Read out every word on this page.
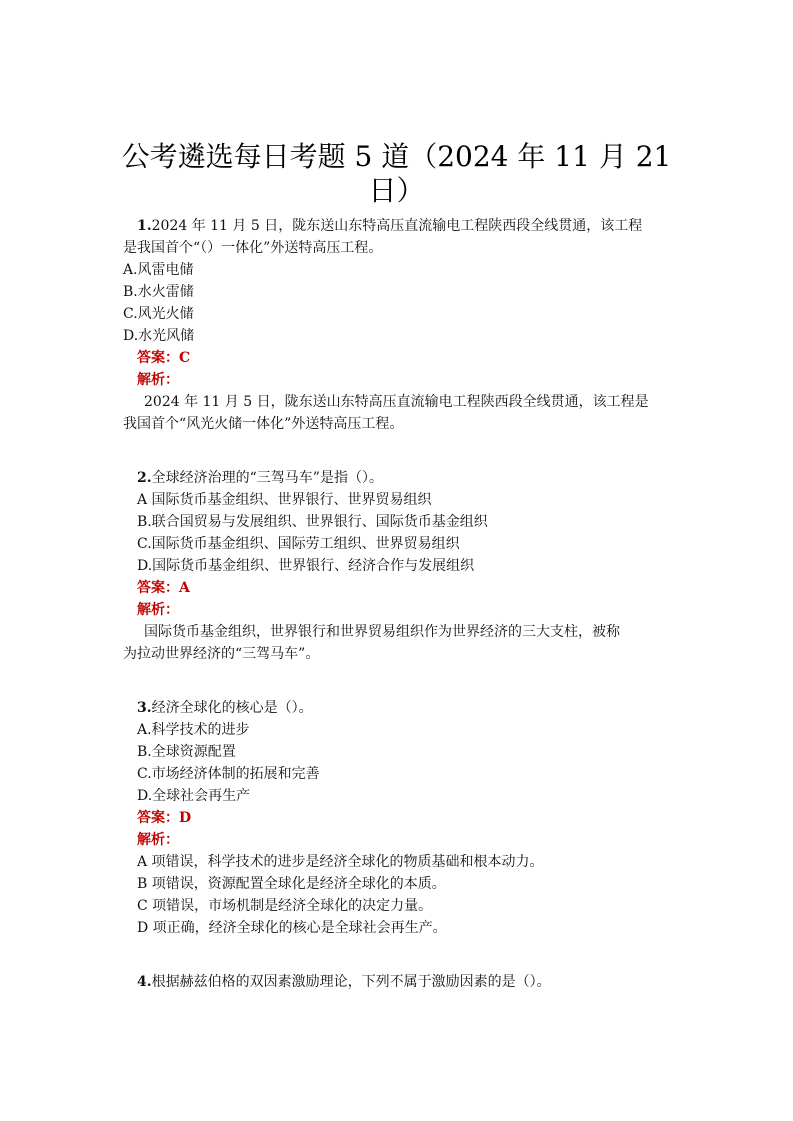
公考遴选每日考题 5 道（2024 年 11 月 21 日）
1.2024 年 11 月 5 日，陇东送山东特高压直流输电工程陕西段全线贯通，该工程
是我国首个“（）一体化”外送特高压工程。
A.风雷电储
B.水火雷储
C.风光火储
D.水光风储
答案：C
解析：
2024 年 11 月 5 日，陇东送山东特高压直流输电工程陕西段全线贯通，该工程是
我国首个“风光火储一体化”外送特高压工程。
2.全球经济治理的“三驾马车”是指（）。
A 国际货币基金组织、世界银行、世界贸易组织
B.联合国贸易与发展组织、世界银行、国际货币基金组织
C.国际货币基金组织、国际劳工组织、世界贸易组织
D.国际货币基金组织、世界银行、经济合作与发展组织
答案：A
解析：
国际货币基金组织，世界银行和世界贸易组织作为世界经济的三大支柱，被称
为拉动世界经济的“三驾马车”。
3.经济全球化的核心是（）。
A.科学技术的进步
B.全球资源配置
C.市场经济体制的拓展和完善
D.全球社会再生产
答案：D
解析：
A 项错误，科学技术的进步是经济全球化的物质基础和根本动力。
B 项错误，资源配置全球化是经济全球化的本质。
C 项错误，市场机制是经济全球化的决定力量。
D 项正确，经济全球化的核心是全球社会再生产。
4.根据赫兹伯格的双因素激励理论，下列不属于激励因素的是（）。
